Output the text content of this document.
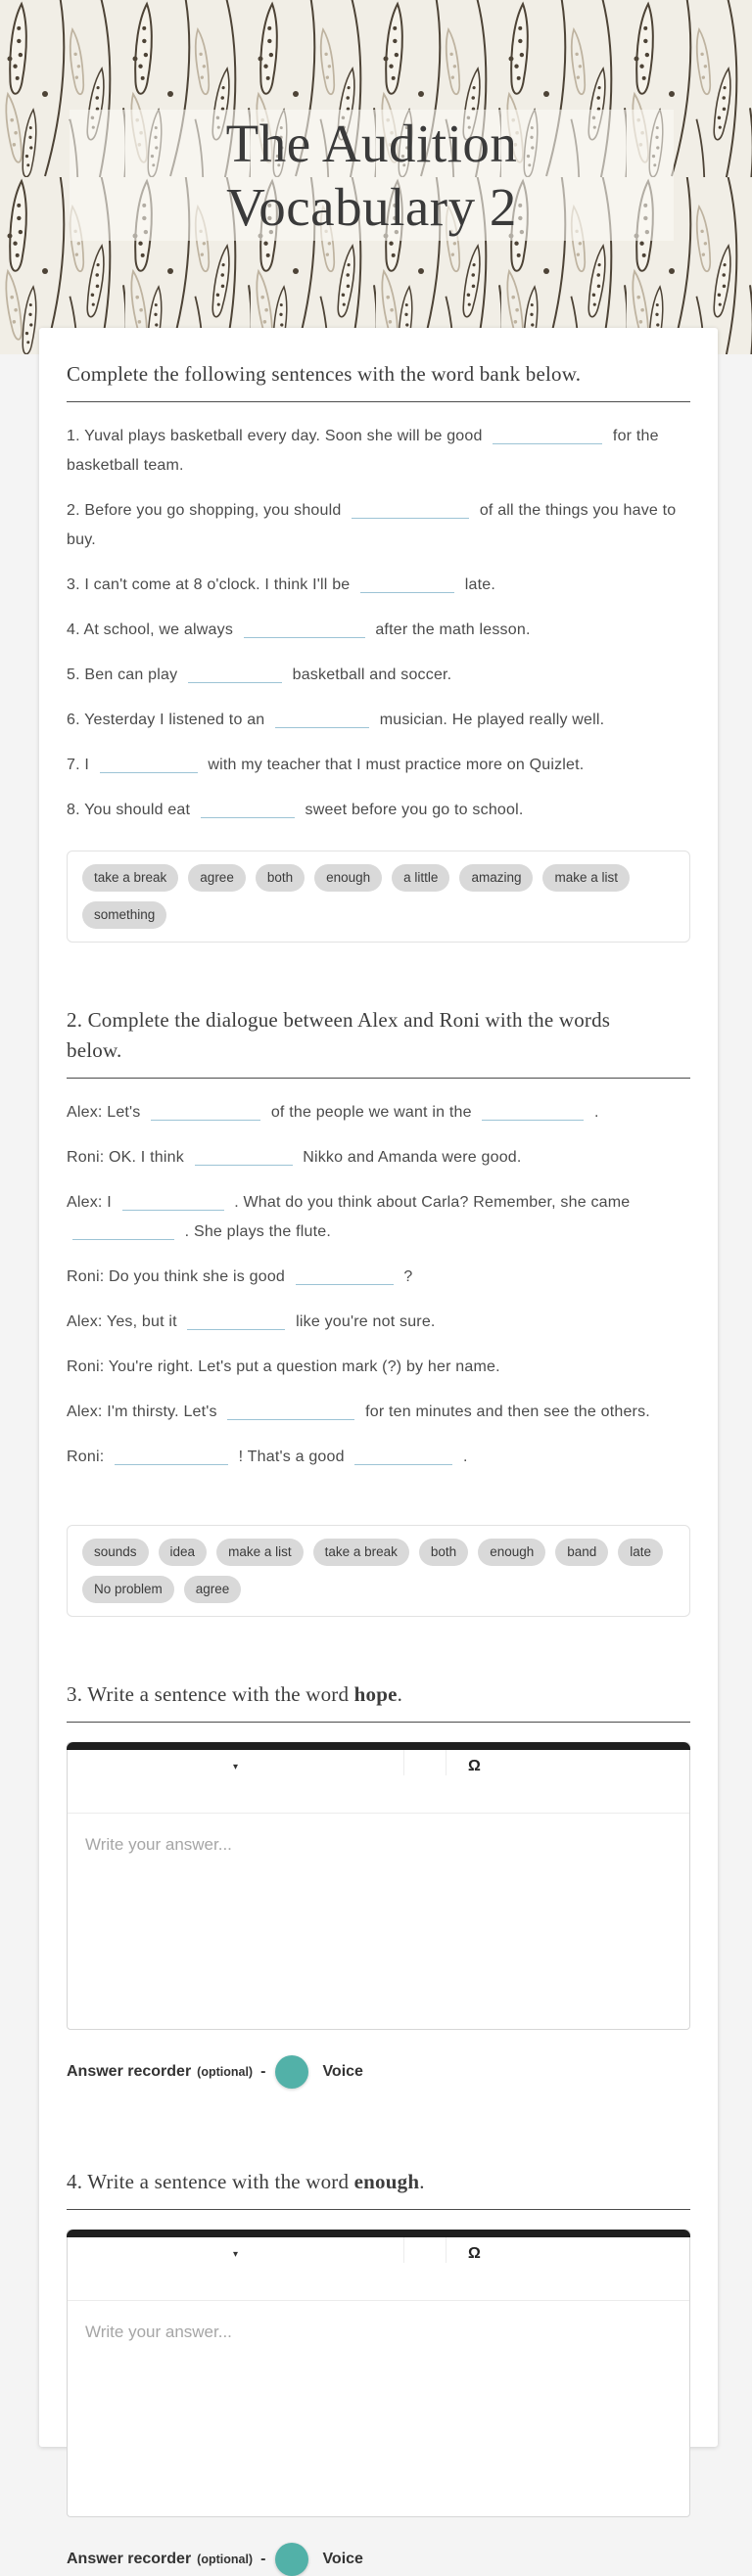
The Audition
Vocabulary 2
Complete the following sentences with the word bank below.

1. Yuval plays basketball every day. Soon she will be good	for the basketball team.

2. Before you go shopping, you should	of all the things you have to buy.

3. I can't come at 8 o'clock. I think I'll be	late.

4. At school, we always	after the math lesson.

5. Ben can play	basketball and soccer.

6. Yesterday I listened to an	musician. He played really well.

7. I	with my teacher that I must practice more on Quizlet.

8. You should eat	sweet before you go to school.

take a break	agree	both	enough	a little	amazing	make a listsomething
2. Complete the dialogue between Alex and Roni with the words below.

Alex: Let's	of the people we want in the	.

Roni: OK. I think	Nikko and Amanda were good.

Alex: I	. What do you think about Carla? Remember, she came  . She plays the flute.

Roni: Do you think she is good	?

Alex: Yes, but it	like you're not sure.

Roni: You're right. Let's put a question mark (?) by her name.

Alex: I'm thirsty. Let's	for ten minutes and then see the others.

Roni:	! That's a good	.

sounds	idea	make a list	take a break	both	enough	band	lateNo problem	agree
3. Write a sentence with the word hope.
▾	Ω
Write your answer...
Answer recorder (optional) -	Voice
4. Write a sentence with the word enough.
▾	Ω
Write your answer...
Answer recorder (optional) -	Voice
